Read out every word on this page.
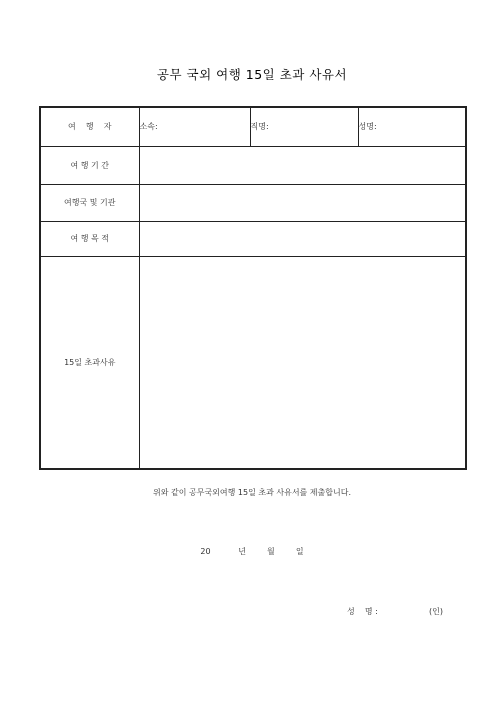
공무 국외 여행 15일 초과 사유서
여    행    자	소속:	직명:	성명:
여 행 기 간			
여행국 및 기관			
여 행 목 적			
15일 초과사유			
위와 같이 공무국외여행 15일 초과 사유서를 제출합니다.
20	년	월	일
성    명 :	(인)
